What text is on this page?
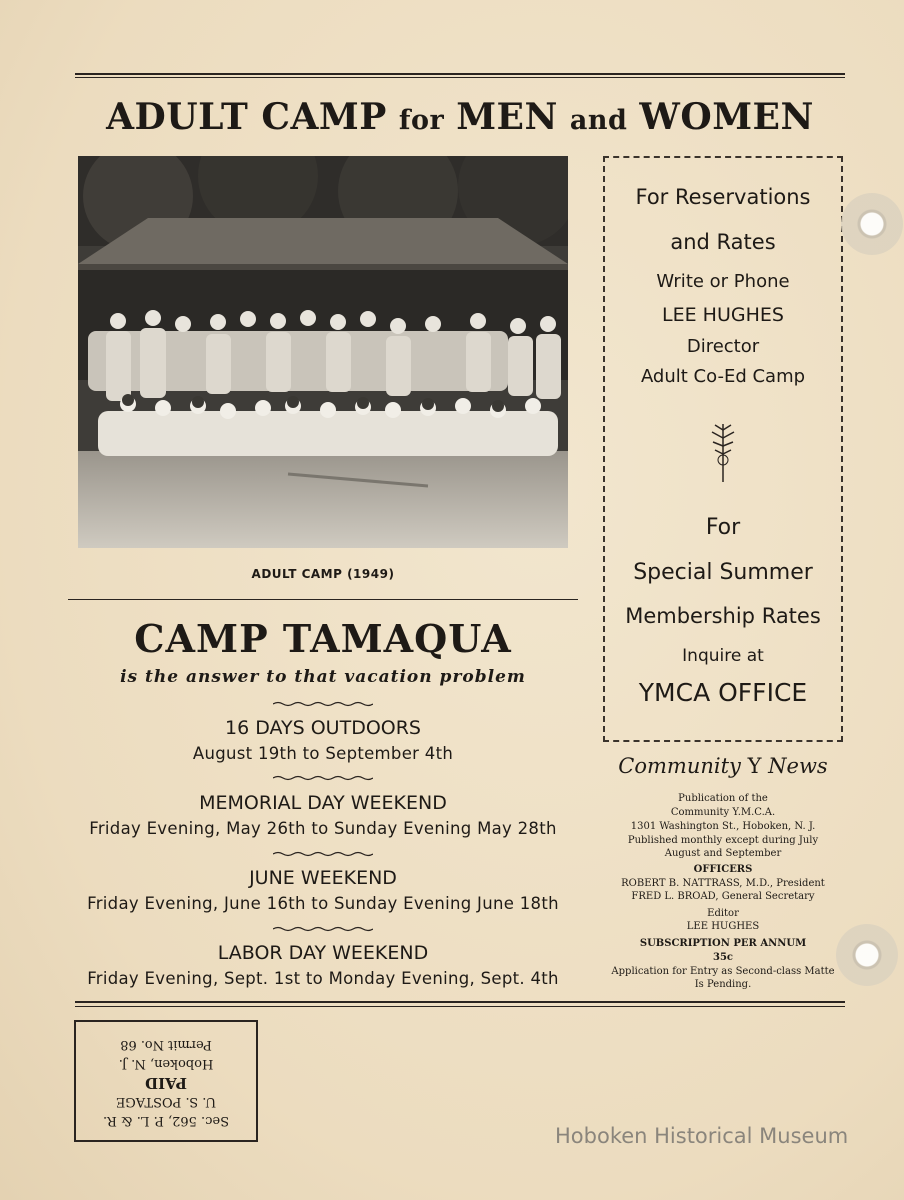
ADULT CAMP for MEN and WOMEN
ADULT CAMP (1949)
CAMP TAMAQUA
is the answer to that vacation problem
16 DAYS OUTDOORS
August 19th to September 4th
MEMORIAL DAY WEEKEND
Friday Evening, May 26th to Sunday Evening May 28th
JUNE WEEKEND
Friday Evening, June 16th to Sunday Evening June 18th
LABOR DAY WEEKEND
Friday Evening, Sept. 1st to Monday Evening, Sept. 4th
For Reservations
and Rates
Write or Phone
LEE HUGHES
Director
Adult Co-Ed Camp
For
Special Summer
Membership Rates
Inquire at
YMCA OFFICE
Community Y News
Publication of the
Community Y.M.C.A.
1301 Washington St., Hoboken, N. J.
Published monthly except during July
August and September
OFFICERS
ROBERT B. NATTRASS, M.D., President
FRED L. BROAD, General Secretary
Editor
LEE HUGHES
SUBSCRIPTION PER ANNUM
35c
Application for Entry as Second-class Matte
Is Pending.
Sec. 562, P. L. & R.
U. S. POSTAGE
PAID
Hoboken, N. J.
Permit No. 68
Hoboken Historical Museum
